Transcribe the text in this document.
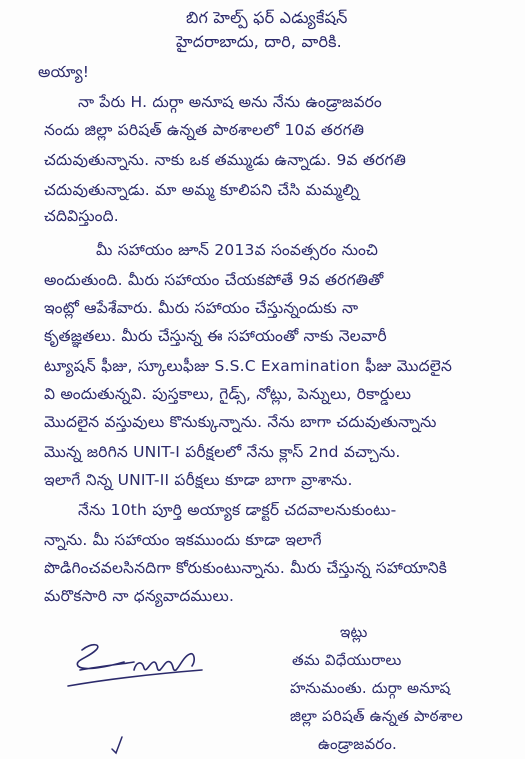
బిగ హెల్ప్ ఫర్ ఎడ్యుకేషన్
హైదరాబాదు, దారి, వారికి.
అయ్యా!
నా పేరు H. దుర్గా అనూష అను నేను ఉండ్రాజవరం
నందు జిల్లా పరిషత్ ఉన్నత పాఠశాలలో 10వ తరగతి
చదువుతున్నాను. నాకు ఒక తమ్ముడు ఉన్నాడు. 9వ తరగతి
చదువుతున్నాడు. మా అమ్మ కూలిపని చేసి మమ్మల్ని
చదివిస్తుంది.
మీ సహాయం జూన్ 2013వ సంవత్సరం నుంచి
అందుతుంది. మీరు సహాయం చేయకపోతే 9వ తరగతితో
ఇంట్లో ఆపేశేవారు. మీరు సహాయం చేస్తున్నందుకు నా
కృతజ్ఞతలు. మీరు చేస్తున్న ఈ సహాయంతో నాకు నెలవారీ
ట్యూషన్ ఫీజు, స్కూలుఫీజు S.S.C Examination ఫీజు మొదలైన
వి అందుతున్నవి. పుస్తకాలు, గైడ్స్, నోట్లు, పెన్నులు, రికార్డులు
మొదలైన వస్తువులు కొనుక్కున్నాను. నేను బాగా చదువుతున్నాను
మొన్న జరిగిన UNIT-I పరీక్షలలో నేను క్లాస్ 2nd వచ్చాను.
ఇలాగే నిన్న UNIT-II పరీక్షలు కూడా బాగా వ్రాశాను.
నేను 10th పూర్తి అయ్యాక డాక్టర్ చదవాలనుకుంటు-
న్నాను. మీ సహాయం ఇకముందు కూడా ఇలాగే
పొడిగించవలసినదిగా కోరుకుంటున్నాను. మీరు చేస్తున్న సహాయానికి
మరొకసారి నా ధన్యవాదములు.
ఇట్లు
తమ విధేయురాలు
హనుమంతు. దుర్గా అనూష
జిల్లా పరిషత్ ఉన్నత పాఠశాల
ఉండ్రాజవరం.
